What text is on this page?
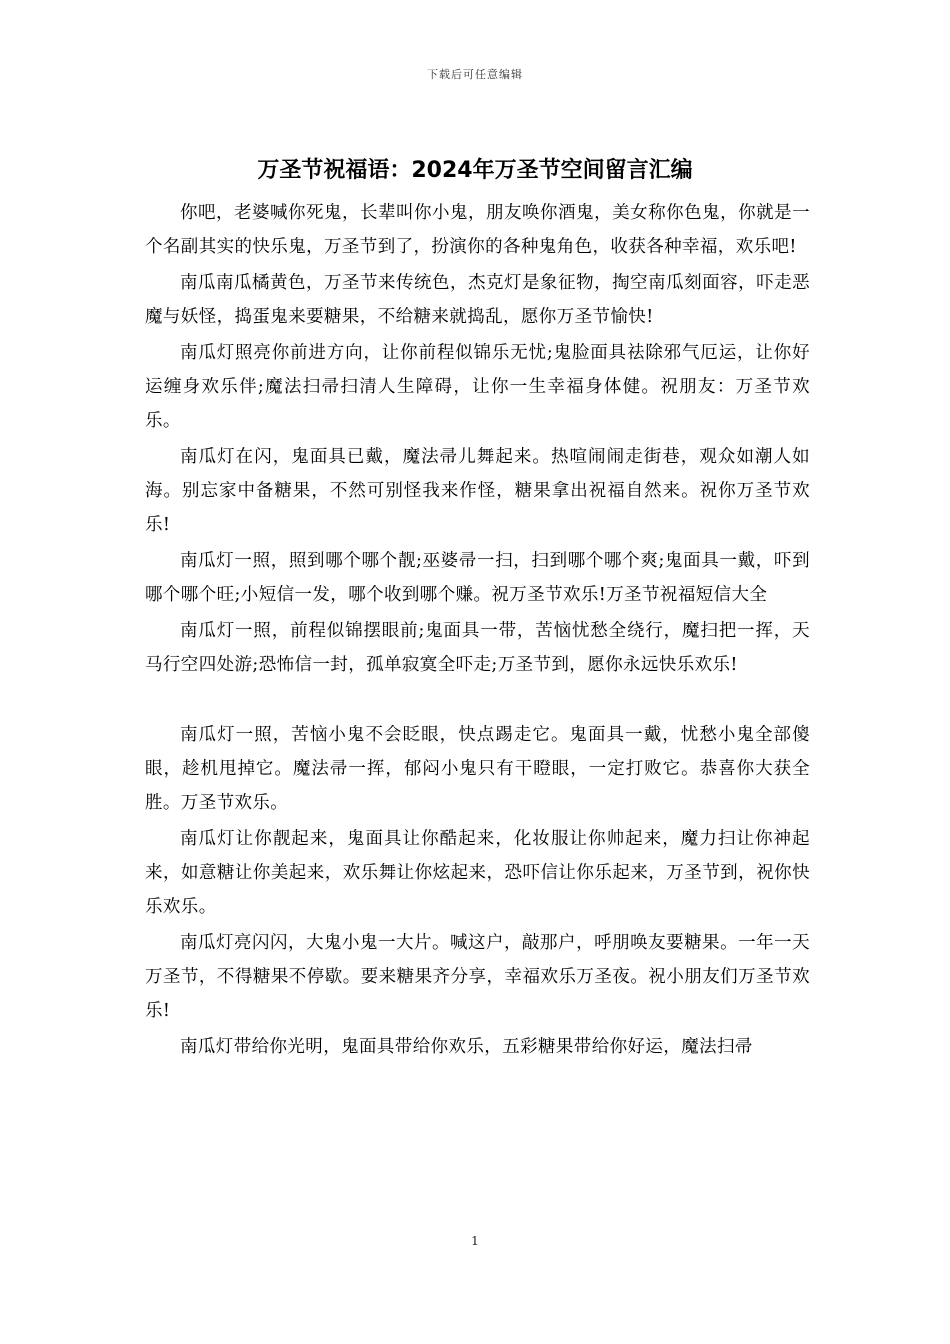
下载后可任意编辑
万圣节祝福语：2024年万圣节空间留言汇编

你吧，老婆喊你死鬼，长辈叫你小鬼，朋友唤你酒鬼，美女称你色鬼，你就是一个名副其实的快乐鬼，万圣节到了，扮演你的各种鬼角色，收获各种幸福，欢乐吧!

南瓜南瓜橘黄色，万圣节来传统色，杰克灯是象征物，掏空南瓜刻面容，吓走恶魔与妖怪，捣蛋鬼来要糖果，不给糖来就捣乱，愿你万圣节愉快!

南瓜灯照亮你前进方向，让你前程似锦乐无忧;鬼脸面具祛除邪气厄运，让你好运缠身欢乐伴;魔法扫帚扫清人生障碍，让你一生幸福身体健。祝朋友：万圣节欢乐。

南瓜灯在闪，鬼面具已戴，魔法帚儿舞起来。热喧闹闹走街巷，观众如潮人如海。别忘家中备糖果，不然可别怪我来作怪，糖果拿出祝福自然来。祝你万圣节欢乐!

南瓜灯一照，照到哪个哪个靓;巫婆帚一扫，扫到哪个哪个爽;鬼面具一戴，吓到哪个哪个旺;小短信一发，哪个收到哪个赚。祝万圣节欢乐!万圣节祝福短信大全

南瓜灯一照，前程似锦摆眼前;鬼面具一带，苦恼忧愁全绕行，魔扫把一挥，天马行空四处游;恐怖信一封，孤单寂寞全吓走;万圣节到，愿你永远快乐欢乐!

南瓜灯一照，苦恼小鬼不会眨眼，快点踢走它。鬼面具一戴，忧愁小鬼全部傻眼，趁机甩掉它。魔法帚一挥，郁闷小鬼只有干瞪眼，一定打败它。恭喜你大获全胜。万圣节欢乐。

南瓜灯让你靓起来，鬼面具让你酷起来，化妆服让你帅起来，魔力扫让你神起来，如意糖让你美起来，欢乐舞让你炫起来，恐吓信让你乐起来，万圣节到，祝你快乐欢乐。

南瓜灯亮闪闪，大鬼小鬼一大片。喊这户，敲那户，呼朋唤友要糖果。一年一天万圣节，不得糖果不停歇。要来糖果齐分享，幸福欢乐万圣夜。祝小朋友们万圣节欢乐!

南瓜灯带给你光明，鬼面具带给你欢乐，五彩糖果带给你好运，魔法扫帚

1
